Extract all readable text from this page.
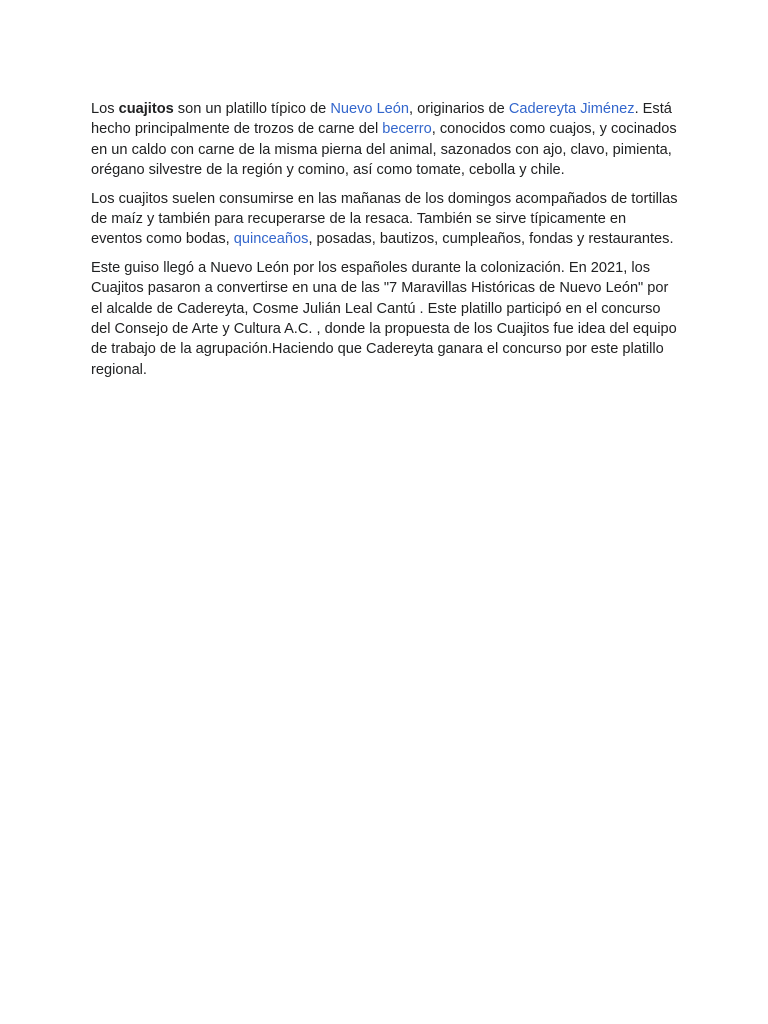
Los cuajitos son un platillo típico de Nuevo León, originarios de Cadereyta Jiménez. Está hecho principalmente de trozos de carne del becerro, conocidos como cuajos, y cocinados en un caldo con carne de la misma pierna del animal, sazonados con ajo, clavo, pimienta, orégano silvestre de la región y comino, así como tomate, cebolla y chile.

Los cuajitos suelen consumirse en las mañanas de los domingos acompañados de tortillas de maíz y también para recuperarse de la resaca. También se sirve típicamente en eventos como bodas, quinceaños, posadas, bautizos, cumpleaños, fondas y restaurantes.

Este guiso llegó a Nuevo León por los españoles durante la colonización. En 2021, los Cuajitos pasaron a convertirse en una de las "7 Maravillas Históricas de Nuevo León" por el alcalde de Cadereyta, Cosme Julián Leal Cantú . Este platillo participó en el concurso del Consejo de Arte y Cultura A.C. , donde la propuesta de los Cuajitos fue idea del equipo de trabajo de la agrupación.Haciendo que Cadereyta ganara el concurso por este platillo regional.
